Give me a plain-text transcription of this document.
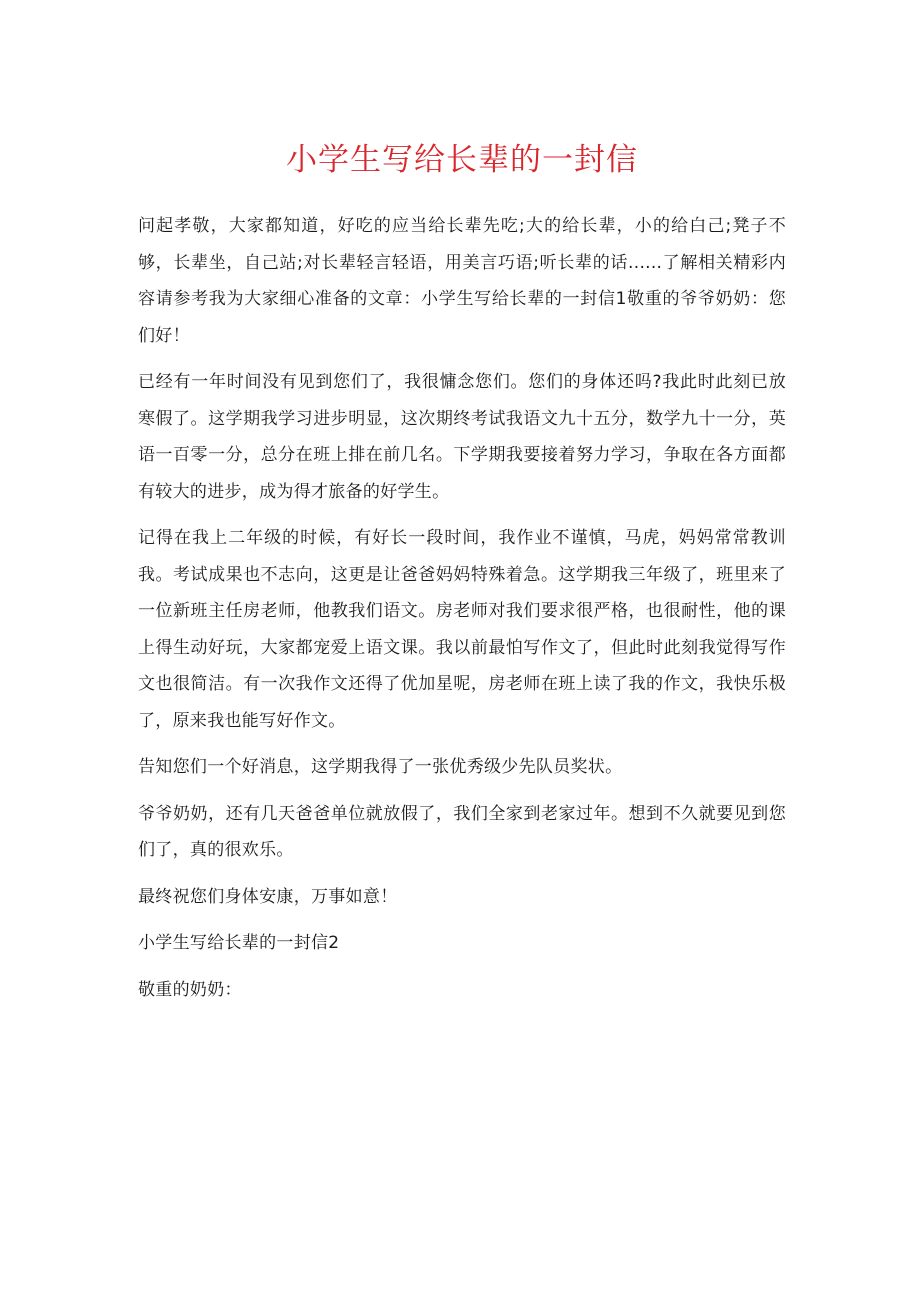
小学生写给长辈的一封信

问起孝敬，大家都知道，好吃的应当给长辈先吃;大的给长辈，小的给白己;凳子不够，长辈坐，自己站;对长辈轻言轻语，用美言巧语;听长辈的话......了解相关精彩内容请参考我为大家细心准备的文章：小学生写给长辈的一封信1敬重的爷爷奶奶：您们好！

已经有一年时间没有见到您们了，我很慵念您们。您们的身体还吗?我此时此刻已放寒假了。这学期我学习进步明显，这次期终考试我语文九十五分，数学九十一分，英语一百零一分，总分在班上排在前几名。下学期我要接着努力学习，争取在各方面都有较大的进步，成为得才旅备的好学生。

记得在我上二年级的时候，有好长一段时间，我作业不谨慎，马虎，妈妈常常教训我。考试成果也不志向，这更是让爸爸妈妈特殊着急。这学期我三年级了，班里来了一位新班主任房老师，他教我们语文。房老师对我们要求很严格，也很耐性，他的课上得生动好玩，大家都宠爱上语文课。我以前最怕写作文了，但此时此刻我觉得写作文也很简洁。有一次我作文还得了优加星呢，房老师在班上读了我的作文，我快乐极了，原来我也能写好作文。

告知您们一个好消息，这学期我得了一张优秀级少先队员奖状。

爷爷奶奶，还有几天爸爸单位就放假了，我们全家到老家过年。想到不久就要见到您们了，真的很欢乐。

最终祝您们身体安康，万事如意！

小学生写给长辈的一封信2

敬重的奶奶：
